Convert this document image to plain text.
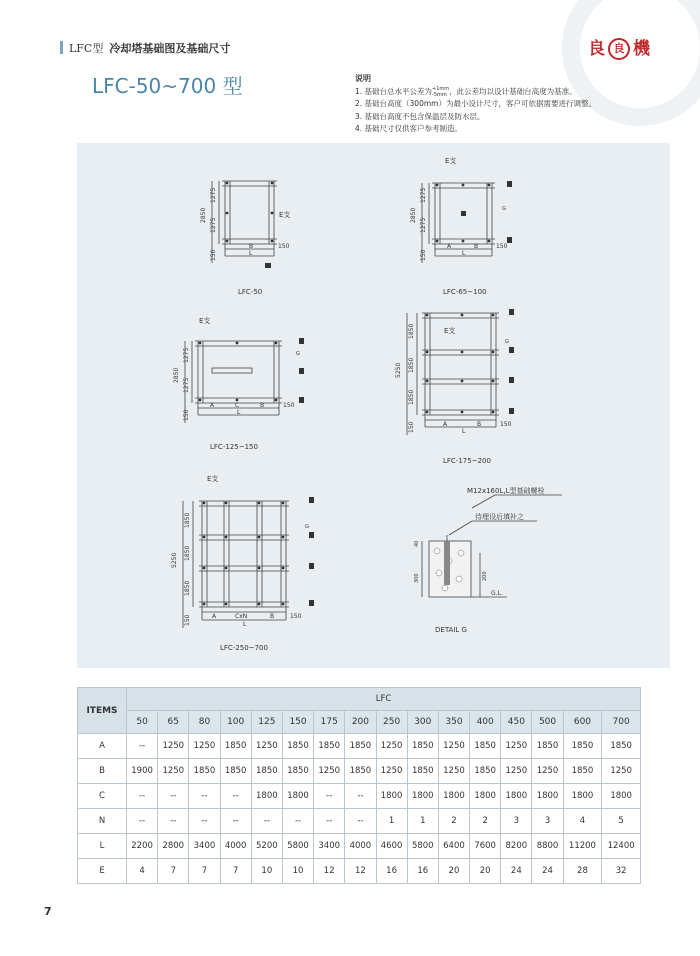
LFC型 冷却塔基础图及基础尺寸	良 良 機
LFC-50~700 型	说明
1. 基础台总水平公差为+1mm
-5mm ，此公差均以设计基础台高度为基准。
2. 基础台高度（300mm）为最小设计尺寸，客户可依据需要进行调整。
3. 基础台高度不包含保温层及防水层。
4. 基础尺寸仅供客户参考制造。
2850
1275
1275
150
B
L
150
E支
LFC-50
2850
1275
1275
150
A	B
L
150
E支
G
LFC-65~100
2850
1275
1275
150
A	C	B
L
150
E支
G
LFC-125~150
5250
1850
1850
1850
150	A	B
L
150
E支
G
LFC-175~200
5250
1850
1850
1850
150	A	CxN	B
L
150
E支
G
LFC-250~700
M12x160L,L型基础螺栓
待埋设后填补之
40
300	200
G.L.
DETAIL G
ITEMS	LFC															
	50	65	80	100	125	150	175	200	250	300	350	400	450	500	600	700
A	--	1250	1250	1850	1250	1850	1850	1850	1250	1850	1250	1850	1250	1850	1850	1850
B	1900	1250	1850	1850	1850	1850	1250	1850	1250	1850	1250	1850	1250	1250	1850	1250
C	--	--	--	--	1800	1800	--	--	1800	1800	1800	1800	1800	1800	1800	1800
N	--	--	--	--	--	--	--	--	1	1	2	2	3	3	4	5
L	2200	2800	3400	4000	5200	5800	3400	4000	4600	5800	6400	7600	8200	8800	11200	12400
E	4	7	7	7	10	10	12	12	16	16	20	20	24	24	28	32
7
